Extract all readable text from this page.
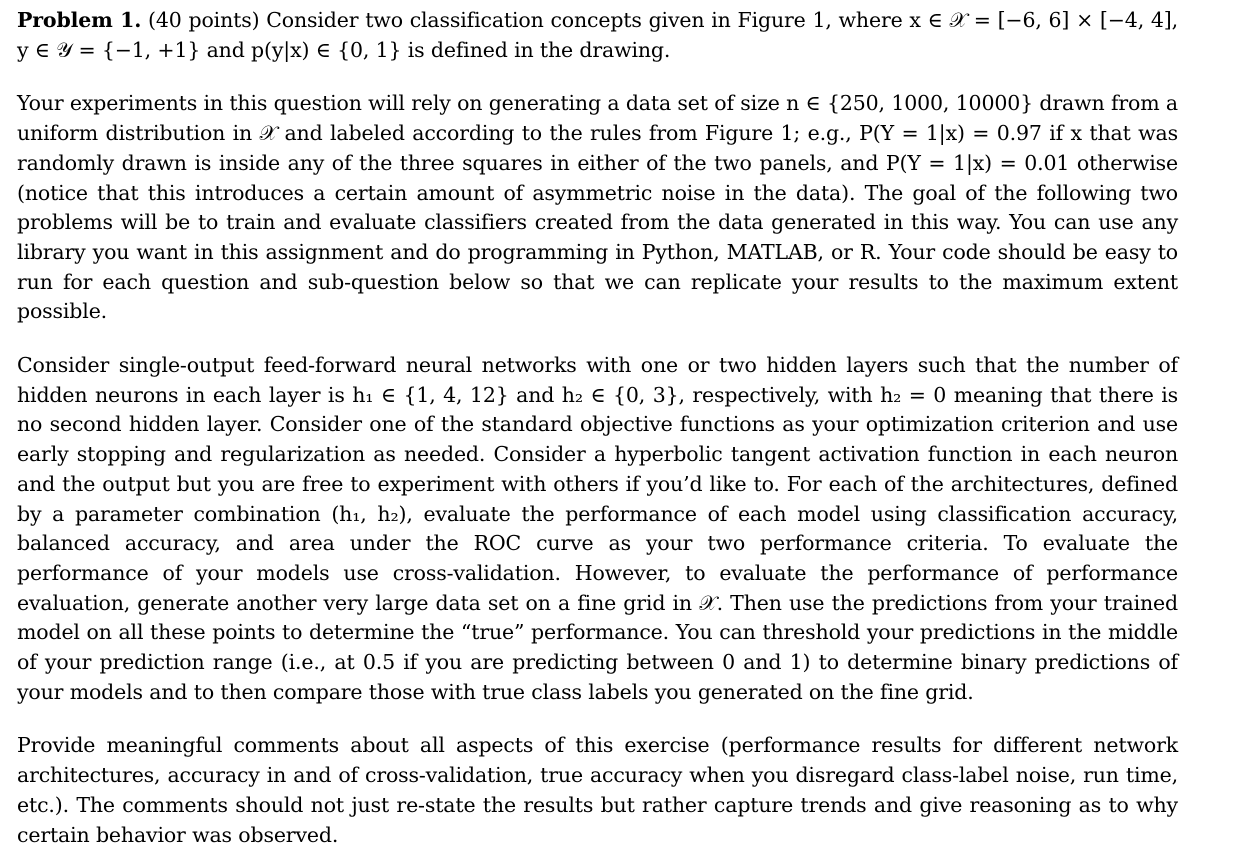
Problem 1. (40 points) Consider two classification concepts given in Figure 1, where x ∈ 𝒳 = [−6, 6] × [−4, 4], y ∈ 𝒴 = {−1, +1} and p(y|x) ∈ {0, 1} is defined in the drawing.

Your experiments in this question will rely on generating a data set of size n ∈ {250, 1000, 10000} drawn from a uniform distribution in 𝒳 and labeled according to the rules from Figure 1; e.g., P(Y = 1|x) = 0.97 if x that was randomly drawn is inside any of the three squares in either of the two panels, and P(Y = 1|x) = 0.01 otherwise (notice that this introduces a certain amount of asymmetric noise in the data). The goal of the following two problems will be to train and evaluate classifiers created from the data generated in this way. You can use any library you want in this assignment and do programming in Python, MATLAB, or R. Your code should be easy to run for each question and sub-question below so that we can replicate your results to the maximum extent possible.

Consider single-output feed-forward neural networks with one or two hidden layers such that the number of hidden neurons in each layer is h₁ ∈ {1, 4, 12} and h₂ ∈ {0, 3}, respectively, with h₂ = 0 meaning that there is no second hidden layer. Consider one of the standard objective functions as your optimization criterion and use early stopping and regularization as needed. Consider a hyperbolic tangent activation function in each neuron and the output but you are free to experiment with others if you’d like to. For each of the architectures, defined by a parameter combination (h₁, h₂), evaluate the performance of each model using classification accuracy, balanced accuracy, and area under the ROC curve as your two performance criteria. To evaluate the performance of your models use cross-validation. However, to evaluate the performance of performance evaluation, generate another very large data set on a fine grid in 𝒳. Then use the predictions from your trained model on all these points to determine the “true” performance. You can threshold your predictions in the middle of your prediction range (i.e., at 0.5 if you are predicting between 0 and 1) to determine binary predictions of your models and to then compare those with true class labels you generated on the fine grid.

Provide meaningful comments about all aspects of this exercise (performance results for different network architectures, accuracy in and of cross-validation, true accuracy when you disregard class-label noise, run time, etc.). The comments should not just re-state the results but rather capture trends and give reasoning as to why certain behavior was observed.
